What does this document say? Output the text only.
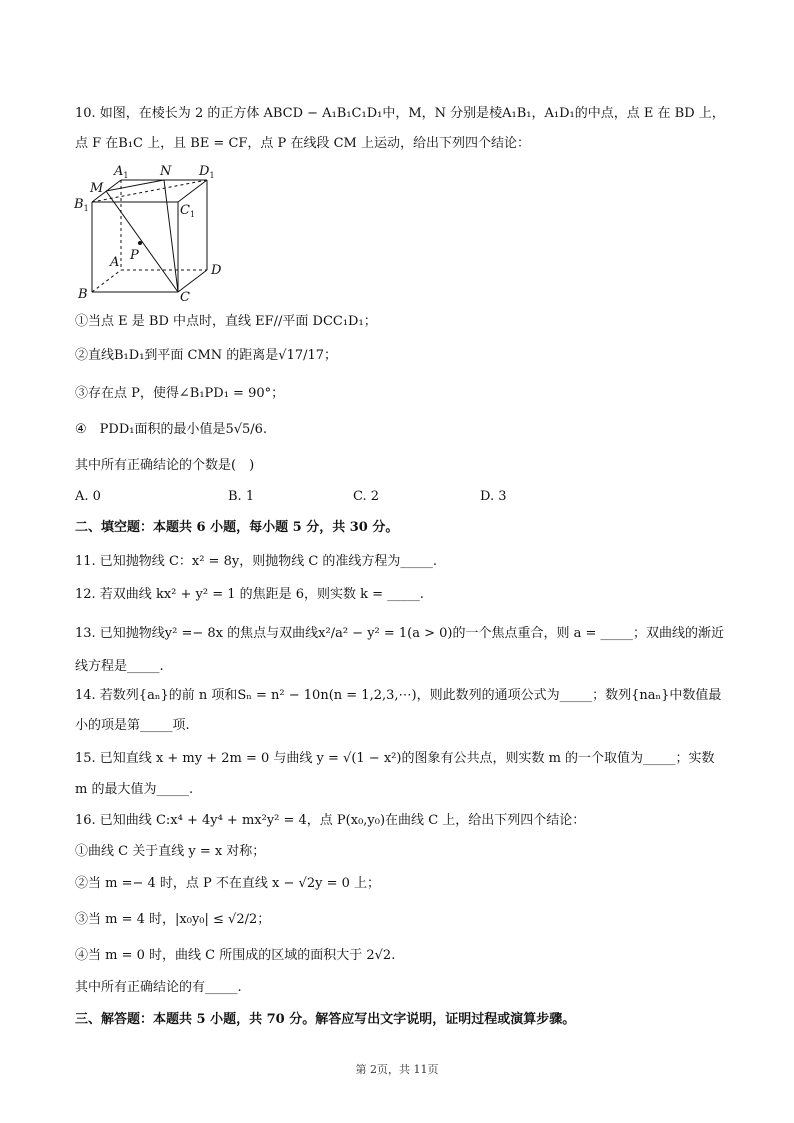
10. 如图，在棱长为 2 的正方体 ABCD − A₁B₁C₁D₁中，M，N 分别是棱A₁B₁，A₁D₁的中点，点 E 在 BD 上，
点 F 在B₁C 上，且 BE = CF，点 P 在线段 CM 上运动，给出下列四个结论：
$A_1$ N $D_1$
M
$B_1$	$C_1$
P
A
D
B	C
①当点 E 是 BD 中点时，直线 EF//平面 DCC₁D₁；
②直线B₁D₁到平面 CMN 的距离是√17/17；
③存在点 P，使得∠B₁PD₁ = 90°；
④　PDD₁面积的最小值是5√5/6.
其中所有正确结论的个数是(　)
A. 0	B. 1	C. 2	D. 3
二、填空题：本题共 6 小题，每小题 5 分，共 30 分。
11. 已知抛物线 C：x² = 8y，则抛物线 C 的准线方程为_____.
12. 若双曲线 kx² + y² = 1 的焦距是 6，则实数 k = _____.
13. 已知抛物线y² =− 8x 的焦点与双曲线x²/a² − y² = 1(a > 0)的一个焦点重合，则 a = _____；双曲线的渐近
线方程是_____.
14. 若数列{aₙ}的前 n 项和Sₙ = n² − 10n(n = 1,2,3,⋯)，则此数列的通项公式为_____；数列{naₙ}中数值最
小的项是第_____项.
15. 已知直线 x + my + 2m = 0 与曲线 y = √(1 − x²)的图象有公共点，则实数 m 的一个取值为_____；实数
m 的最大值为_____.
16. 已知曲线 C:x⁴ + 4y⁴ + mx²y² = 4，点 P(x₀,y₀)在曲线 C 上，给出下列四个结论：
①曲线 C 关于直线 y = x 对称；
②当 m =− 4 时，点 P 不在直线 x − √2y = 0 上；
③当 m = 4 时，|x₀y₀| ≤ √2/2；
④当 m = 0 时，曲线 C 所围成的区域的面积大于 2√2.
其中所有正确结论的有_____.
三、解答题：本题共 5 小题，共 70 分。解答应写出文字说明，证明过程或演算步骤。
第 2页，共 11页
